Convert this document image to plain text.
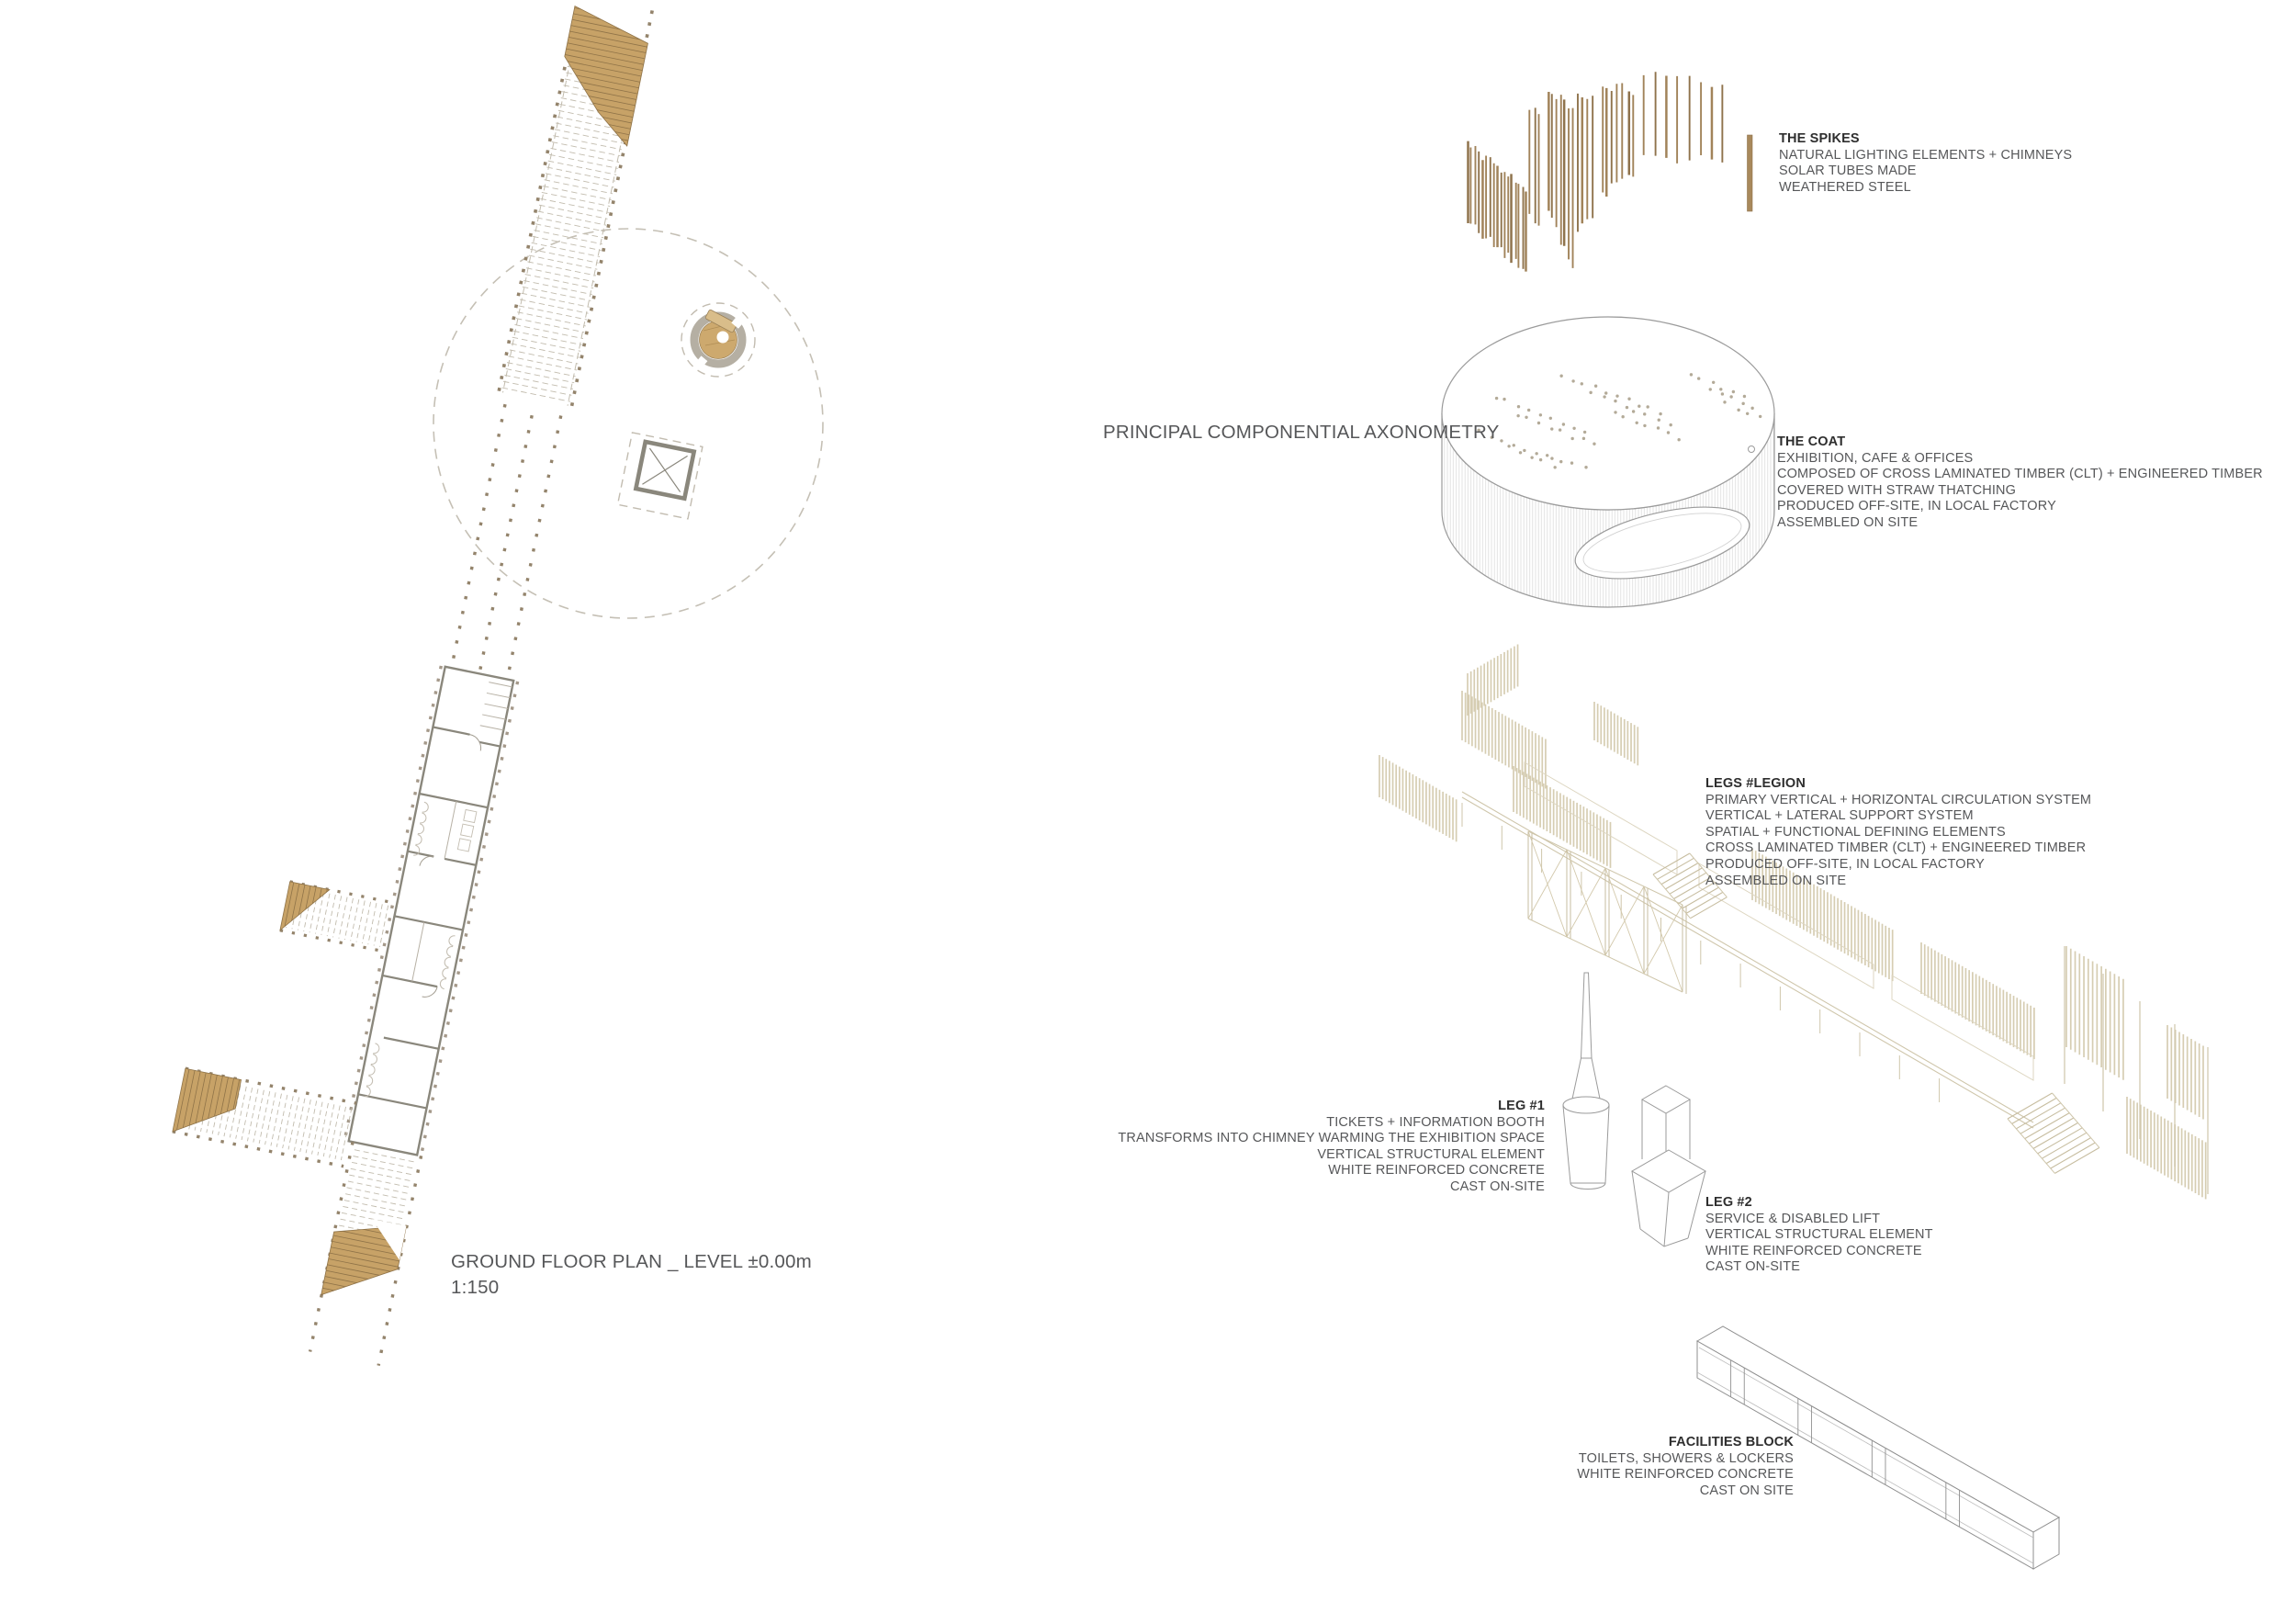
PRINCIPAL COMPONENTIAL AXONOMETRY
THE SPIKES
NATURAL LIGHTING ELEMENTS + CHIMNEYS
SOLAR TUBES MADE
WEATHERED STEEL
THE COAT
EXHIBITION, CAFE & OFFICES
COMPOSED OF CROSS LAMINATED TIMBER (CLT) + ENGINEERED TIMBER
COVERED WITH STRAW THATCHING
PRODUCED OFF-SITE, IN LOCAL FACTORY
ASSEMBLED ON SITE
LEGS #LEGION
PRIMARY VERTICAL + HORIZONTAL CIRCULATION SYSTEM
VERTICAL + LATERAL SUPPORT SYSTEM
SPATIAL + FUNCTIONAL DEFINING ELEMENTS
CROSS LAMINATED TIMBER (CLT) + ENGINEERED TIMBER
PRODUCED OFF-SITE, IN LOCAL FACTORY
ASSEMBLED ON SITE
LEG #1
TICKETS + INFORMATION BOOTH
TRANSFORMS INTO CHIMNEY WARMING THE EXHIBITION SPACE
VERTICAL STRUCTURAL ELEMENT
WHITE REINFORCED CONCRETE
CAST ON-SITE
LEG #2
SERVICE & DISABLED LIFT
VERTICAL STRUCTURAL ELEMENT
WHITE REINFORCED CONCRETE
CAST ON-SITE
FACILITIES BLOCK
TOILETS, SHOWERS & LOCKERS
WHITE REINFORCED CONCRETE
CAST ON SITE
GROUND FLOOR PLAN _ LEVEL ±0.00m
1:150
